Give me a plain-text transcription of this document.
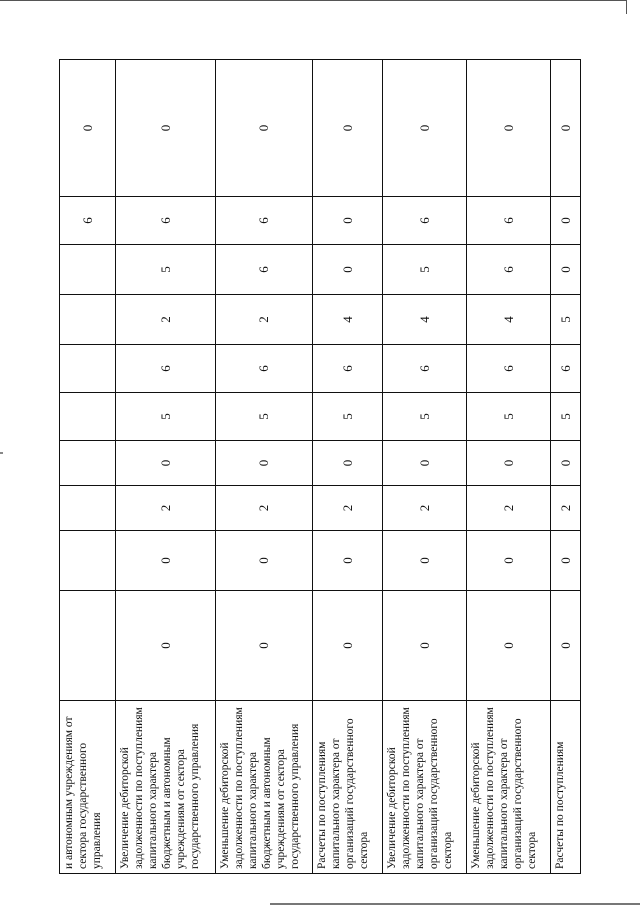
и автономным учреждениям от сектора государственного управления									6	0
Увеличение дебиторской задолженности по поступлениям капитального характера бюджетным и автономным учреждениям от сектора государственного управления	0	0	2	0	5	6	2	5	6	0
Уменьшение дебиторской задолженности по поступлениям капитального характера бюджетным и автономным учреждениям от сектора государственного управления	0	0	2	0	5	6	2	6	6	0
Расчеты по поступлениям капитального характера от организаций государственного сектора	0	0	2	0	5	6	4	0	0	0
Увеличение дебиторской задолженности по поступлениям капитального характера от организаций государственного сектора	0	0	2	0	5	6	4	5	6	0
Уменьшение дебиторской задолженности по поступлениям капитального характера от организаций государственного сектора	0	0	2	0	5	6	4	6	6	0
Расчеты по поступлениям	0	0	2	0	5	6	5	0	0	0
